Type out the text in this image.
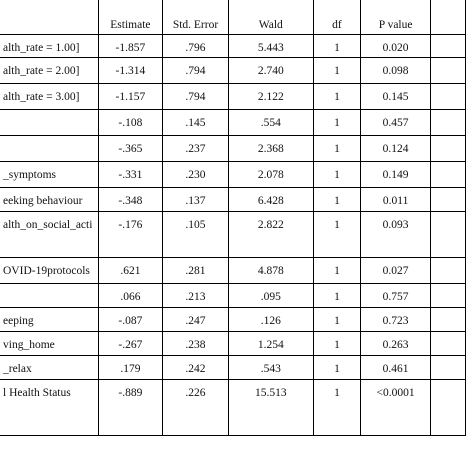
	Estimate	Std. Error	Wald	df	P value	
alth_rate = 1.00]	-1.857	.796	5.443	1	0.020	
alth_rate = 2.00]	-1.314	.794	2.740	1	0.098	
alth_rate = 3.00]	-1.157	.794	2.122	1	0.145	
	-.108	.145	.554	1	0.457	
	-.365	.237	2.368	1	0.124	
_symptoms	-.331	.230	2.078	1	0.149	
eeking behaviour	-.348	.137	6.428	1	0.011	
alth_on_social_acti	-.176	.105	2.822	1	0.093	
OVID-19protocols	.621	.281	4.878	1	0.027	
	.066	.213	.095	1	0.757	
eeping	-.087	.247	.126	1	0.723	
ving_home	-.267	.238	1.254	1	0.263	
_relax	.179	.242	.543	1	0.461	
l Health Status	-.889	.226	15.513	1	<0.0001	
